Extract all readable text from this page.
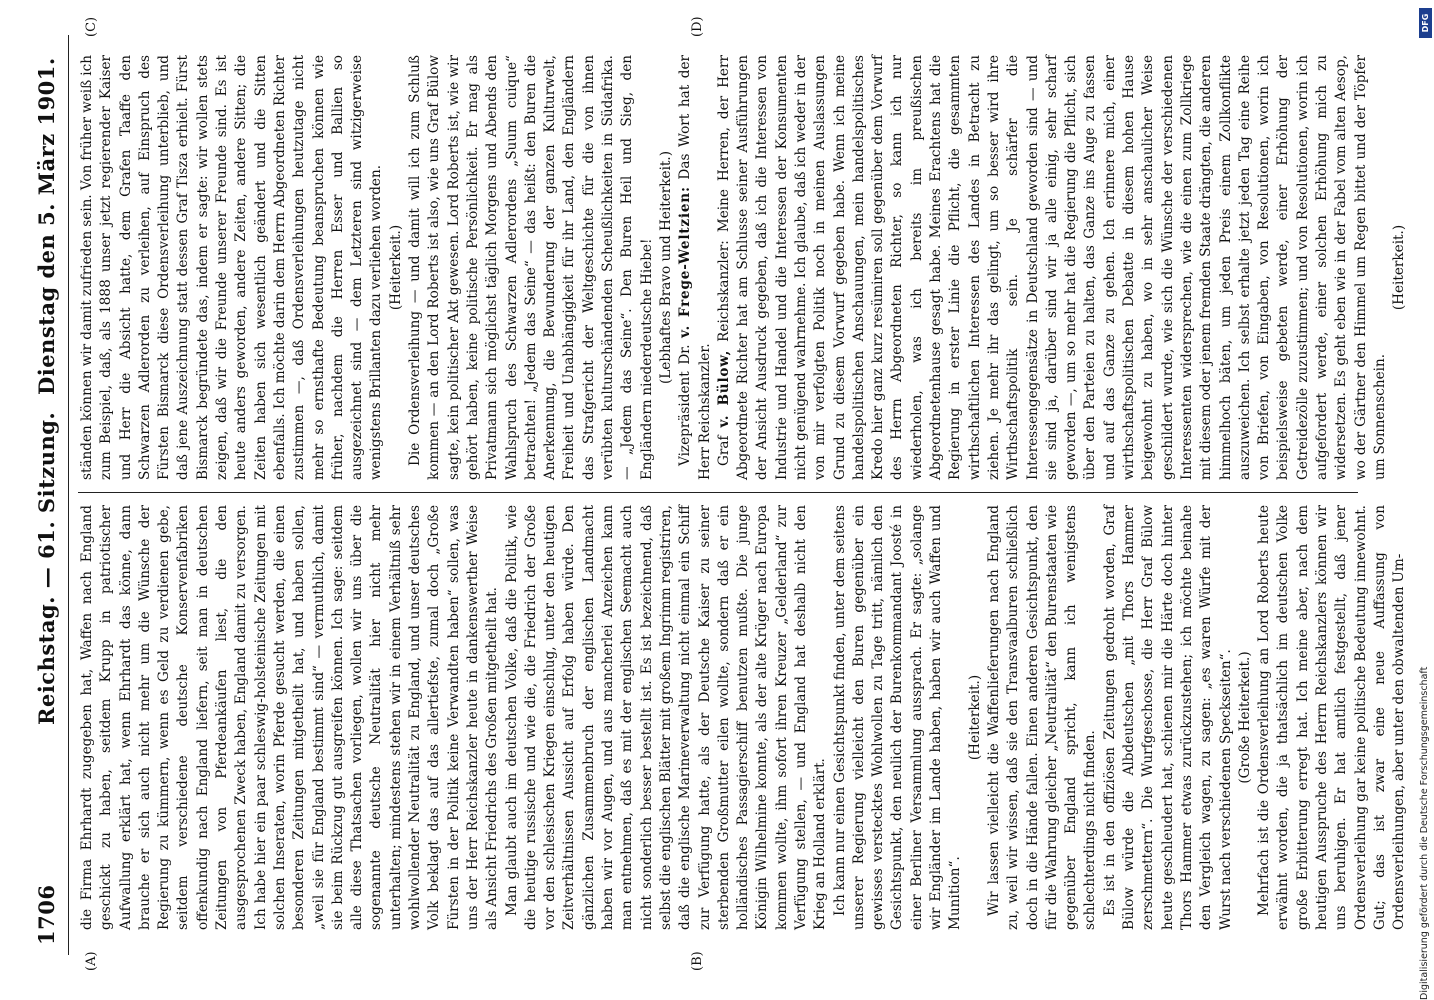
1706
Reichstag. — 61. Sitzung.
Dienstag den 5. März 1901.
(A)	(B)
(C)	(D)

die Firma Ehrhardt zugegeben hat, Waffen nach England geschickt zu haben, seitdem Krupp in patriotischer Aufwallung erklärt hat, wenn Ehrhardt das könne, dann brauche er sich auch nicht mehr um die Wünsche der Regierung zu kümmern, wenn es Geld zu verdienen gebe, seitdem verschiedene deutsche Konservenfabriken offenkundig nach England liefern, seit man in deutschen Zeitungen von Pferdeankäufen liest, die den ausgesprochenen Zweck haben, England damit zu versorgen. Ich habe hier ein paar schleswig-holsteinische Zeitungen mit solchen Inseraten, worin Pferde gesucht werden, die einen besonderen Zeitungen mitgetheilt hat, und haben sollen, „weil sie für England bestimmt sind“ — vermuthlich, damit sie beim Rückzug gut ausgreifen können. Ich sage: seitdem alle diese Thatsachen vorliegen, wollen wir uns über die sogenannte deutsche Neutralität hier nicht mehr unterhalten; mindestens stehen wir in einem Verhältniß sehr wohlwollender Neutralität zu England, und unser deutsches Volk beklagt das auf das allertiefste, zumal doch „Große Fürsten in der Politik keine Verwandten haben“ sollen, was uns der Herr Reichskanzler heute in dankenswerther Weise als Ansicht Friedrichs des Großen mitgetheilt hat. Man glaubt auch im deutschen Volke, daß die Politik, wie die heutige russische und wie die, die Friedrich der Große vor den schlesischen Kriegen einschlug, unter den heutigen Zeitverhältnissen Aussicht auf Erfolg haben würde. Den gänzlichen Zusammenbruch der englischen Landmacht haben wir vor Augen, und aus mancherlei Anzeichen kann man entnehmen, daß es mit der englischen Seemacht auch nicht sonderlich besser bestellt ist. Es ist bezeichnend, daß selbst die englischen Blätter mit großem Ingrimm registriren, daß die englische Marineverwaltung nicht einmal ein Schiff zur Verfügung hatte, als der Deutsche Kaiser zu seiner sterbenden Großmutter eilen wollte, sondern daß er ein holländisches Passagierschiff benutzen mußte. Die junge Königin Wilhelmine konnte, als der alte Krüger nach Europa kommen wollte, ihm sofort ihren Kreuzer „Gelderland“ zur Verfügung stellen, — und England hat deshalb nicht den Krieg an Holland erklärt. Ich kann nur einen Gesichtspunkt finden, unter dem seitens unserer Regierung vielleicht den Buren gegenüber ein gewisses verstecktes Wohlwollen zu Tage tritt, nämlich den Gesichtspunkt, den neulich der Burenkommandant Joosté in einer Berliner Versammlung aussprach. Er sagte: „solange wir Engländer im Lande haben, haben wir auch Waffen und Munition“.

(Heiterkeit.) Wir lassen vielleicht die Waffenlieferungen nach England zu, weil wir wissen, daß sie den Transvaalburen schließlich doch in die Hände fallen. Einen anderen Gesichtspunkt, den für die Wahrung gleicher „Neutralität“ den Burenstaaten wie gegenüber England spricht, kann ich wenigstens schlechterdings nicht finden. Es ist in den offiziösen Zeitungen gedroht worden, Graf Bülow würde die Albdeutschen „mit Thors Hammer zerschmettern“. Die Wurfgeschosse, die Herr Graf Bülow heute geschleudert hat, schienen mir die Härte doch hinter Thors Hammer etwas zurückzustehen; ich möchte beinahe den Vergleich wagen, zu sagen: „es waren Würfe mit der Wurst nach verschiedenen Speckseiten“. (Große Heiterkeit.) Mehrfach ist die Ordensverleihung an Lord Roberts heute erwähnt worden, die ja thatsächlich im deutschen Volke große Erbitterung erregt hat. Ich meine aber, nach dem heutigen Ausspruche des Herrn Reichskanzlers können wir uns beruhigen. Er hat amtlich festgestellt, daß jener Ordensverleihung gar keine politische Bedeutung innewohnt. Gut; das ist zwar eine neue Auffassung von Ordensverleihungen, aber unter den obwaltenden Um-

ständen können wir damit zufrieden sein. Von früher weiß ich zum Beispiel, daß, als 1888 unser jetzt regierender Kaiser und Herr die Absicht hatte, dem Grafen Taaffe den Schwarzen Adlerorden zu verleihen, auf Einspruch des Fürsten Bismarck diese Ordensverleihung unterblieb, und daß jene Auszeichnung statt dessen Graf Tisza erhielt. Fürst Bismarck begründete das, indem er sagte: wir wollen stets zeigen, daß wir die Freunde unserer Freunde sind. Es ist heute anders geworden, andere Zeiten, andere Sitten; die Zeiten haben sich wesentlich geändert und die Sitten ebenfalls. Ich möchte darin dem Herrn Abgeordneten Richter zustimmen —, daß Ordensverleihungen heutzutage nicht mehr so ernsthafte Bedeutung beanspruchen können wie früher, nachdem die Herren Esser und Ballien so ausgezeichnet sind — dem Letzteren sind witzigerweise wenigstens Brillanten dazu verliehen worden. (Heiterkeit.) Die Ordensverleihung — und damit will ich zum Schluß kommen — an den Lord Roberts ist also, wie uns Graf Bülow sagte, kein politischer Akt gewesen. Lord Roberts ist, wie wir gehört haben, keine politische Persönlichkeit. Er mag als Privatmann sich möglichst täglich Morgens und Abends den Wahlspruch des Schwarzen Adlerordens „Suum cuique“ betrachten! „Jedem das Seine“ — das heißt: den Buren die Anerkennung, die Bewunderung der ganzen Kulturwelt, Freiheit und Unabhängigkeit für ihr Land, den Engländern das Strafgericht der Weltgeschichte für die von ihnen verübten kulturschändenden Scheußlichkeiten in Südafrika. — „Jedem das Seine“. Den Buren Heil und Sieg, den Engländern niederdeutsche Hiebe! (Lebhaftes Bravo und Heiterkeit.)

Vizepräsident Dr. v. Frege-Weltzien: Das Wort hat der Herr Reichskanzler. Graf v. Bülow, Reichskanzler: Meine Herren, der Herr Abgeordnete Richter hat am Schlusse seiner Ausführungen der Ansicht Ausdruck gegeben, daß ich die Interessen von Industrie und Handel und die Interessen der Konsumenten nicht genügend wahrnehme. Ich glaube, daß ich weder in der von mir verfolgten Politik noch in meinen Auslassungen Grund zu diesem Vorwurf gegeben habe. Wenn ich meine handelspolitischen Anschauungen, mein handelspolitisches Kredo hier ganz kurz resümiren soll gegenüber dem Vorwurf des Herrn Abgeordneten Richter, so kann ich nur wiederholen, was ich bereits im preußischen Abgeordnetenhause gesagt habe. Meines Erachtens hat die Regierung in erster Linie die Pflicht, die gesammten wirthschaftlichen Interessen des Landes in Betracht zu ziehen. Je mehr ihr das gelingt, um so besser wird ihre Wirthschaftspolitik sein. Je schärfer die Interessengegensätze in Deutschland geworden sind — und sie sind ja, darüber sind wir ja alle einig, sehr scharf geworden —, um so mehr hat die Regierung die Pflicht, sich über den Parteien zu halten, das Ganze ins Auge zu fassen und auf das Ganze zu gehen. Ich erinnere mich, einer wirthschaftspolitischen Debatte in diesem hohen Hause beigewohnt zu haben, wo in sehr anschaulicher Weise geschildert wurde, wie sich die Wünsche der verschiedenen Interessenten widersprechen, wie die einen zum Zollkriege mit diesem oder jenem fremden Staate drängten, die anderen himmelhoch bäten, um jeden Preis einem Zollkonflikte auszuweichen. Ich selbst erhalte jetzt jeden Tag eine Reihe von Briefen, von Eingaben, von Resolutionen, worin ich beispielsweise gebeten werde, einer Erhöhung der Getreidezölle zuzustimmen; und von Resolutionen, worin ich aufgefordert werde, einer solchen Erhöhung mich zu widersetzen. Es geht eben wie in der Fabel vom alten Aesop, wo der Gärtner den Himmel um Regen bittet und der Töpfer um Sonnenschein.

(Heiterkeit.)

DFG
Digitalisierung gefördert durch die Deutsche Forschungsgemeinschaft
